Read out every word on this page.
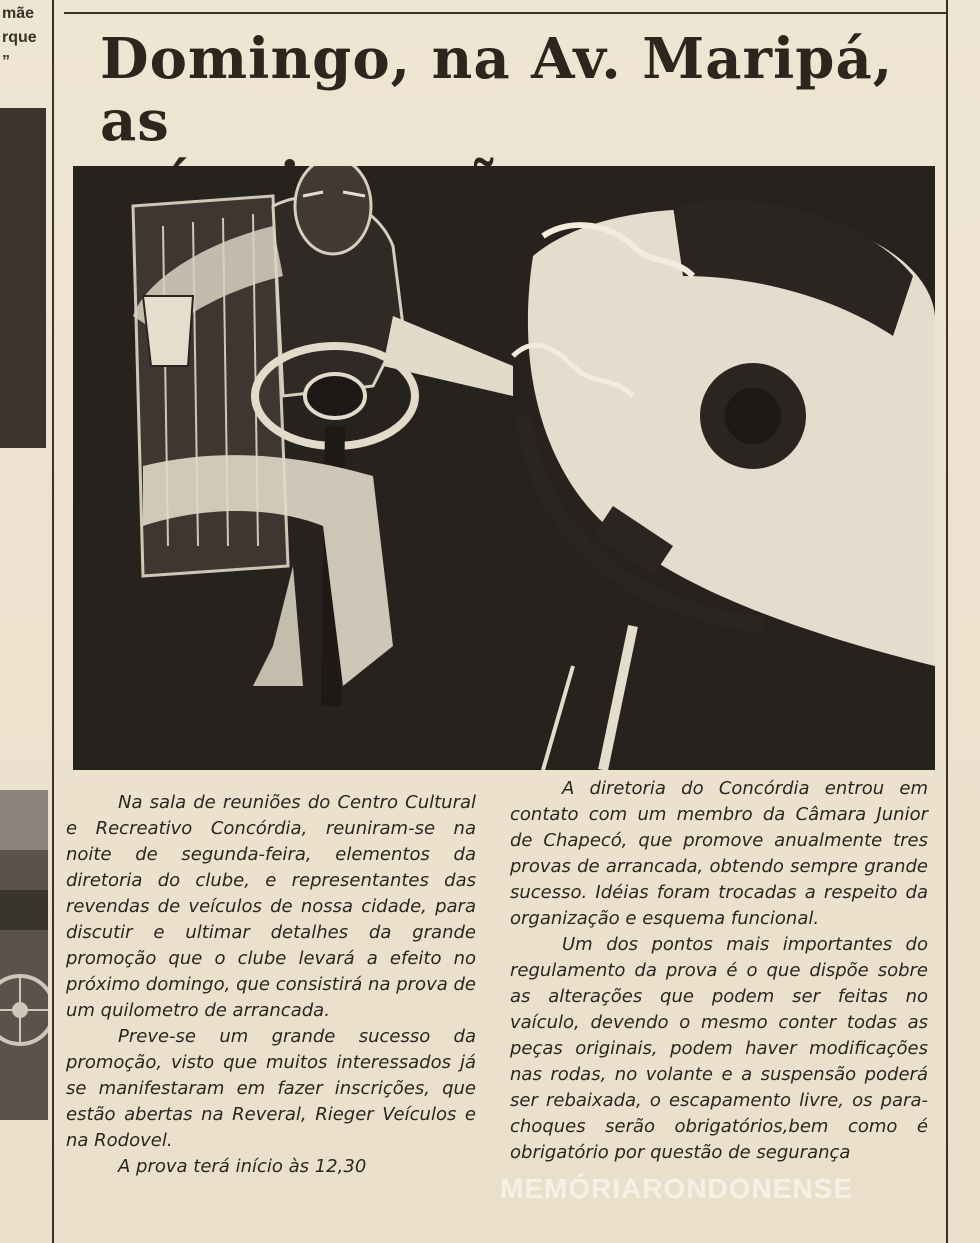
mãe
rque
”	Domingo, na Av. Maripá, as

Na sala de reuniões do Centro Cultural e Recreativo Concórdia, reuniram-se na noite de segunda-feira, elementos da diretoria do clube, e representantes das revendas de veículos de nossa cidade, para discutir e ultimar detalhes da grande promoção que o clube levará a efeito no próximo domingo, que consistirá na prova de um quilometro de arrancada.

Preve-se um grande sucesso da promoção, visto que muitos interessados já se manifestaram em fazer inscrições, que estão abertas na Reveral, Rieger Veículos e na Rodovel.

A prova terá início às 12,30

A diretoria do Concórdia entrou em contato com um membro da Câmara Junior de Chapecó, que promove anualmente tres provas de arrancada, obtendo sempre grande sucesso. Idéias foram trocadas a respeito da organização e esquema funcional.

Um dos pontos mais importantes do regulamento da prova é o que dispõe sobre as alterações que podem ser feitas no vaículo, devendo o mesmo conter todas as peças originais, podem haver modificações nas rodas, no volante e a suspensão poderá ser rebaixada, o escapamento livre, os para-choques serão obrigatórios,bem como é obrigatório por questão de segurança

MEMÓRIARONDONENSE
